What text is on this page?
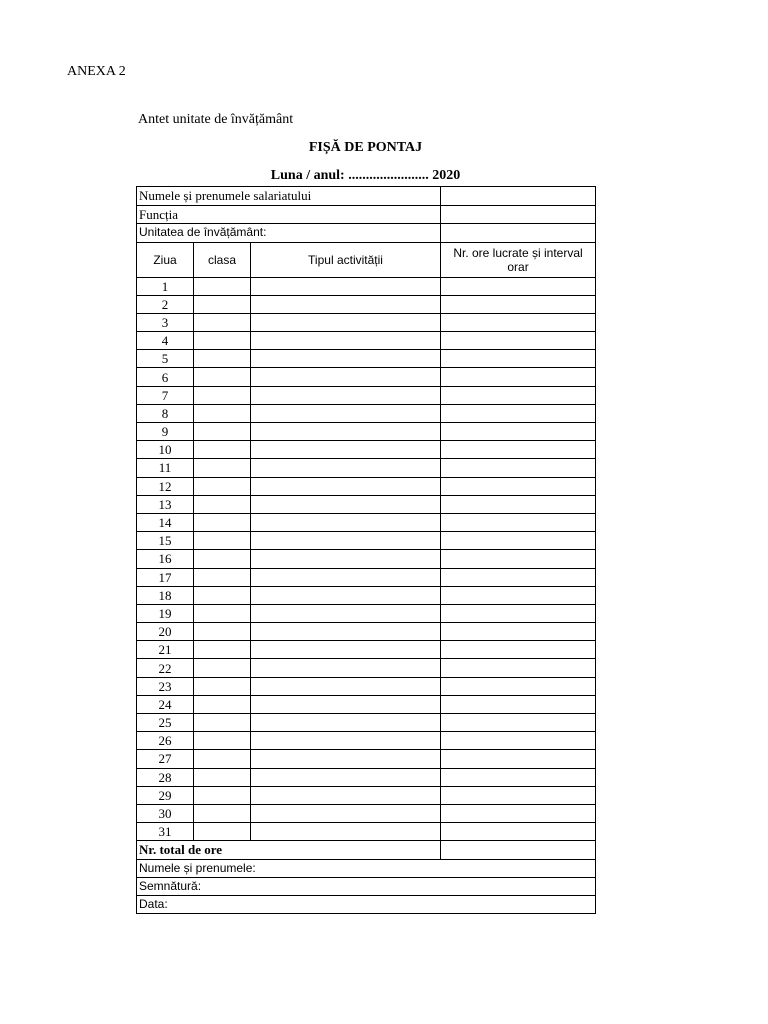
ANEXA 2
Antet unitate de învățământ
FIȘĂ DE PONTAJ
Luna / anul: ....................... 2020
Numele și prenumele salariatului			
Funcția			
Unitatea de învățământ:			
Ziua	clasa	Tipul activității	Nr. ore lucrate și interval orar
1			
2			
3			
4			
5			
6			
7			
8			
9			
10			
11			
12			
13			
14			
15			
16			
17			
18			
19			
20			
21			
22			
23			
24			
25			
26			
27			
28			
29			
30			
31			
Nr. total de ore			
Numele și prenumele:			
Semnătură:			
Data:			
